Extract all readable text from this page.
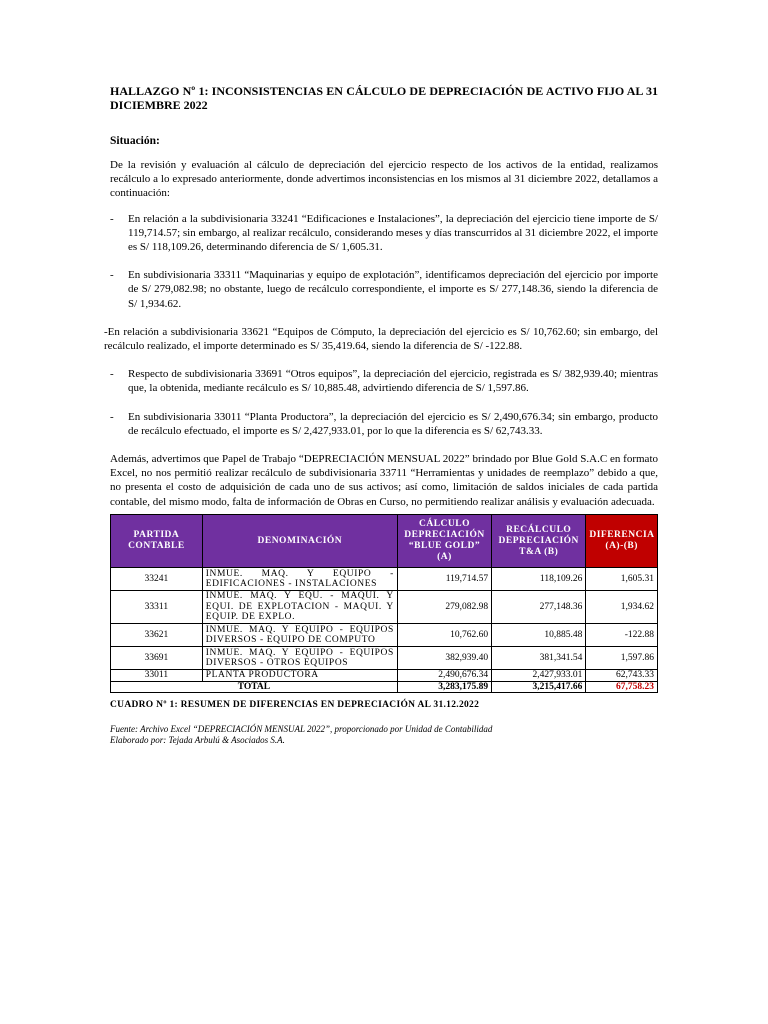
HALLAZGO Nº 1: INCONSISTENCIAS EN CÁLCULO DE DEPRECIACIÓN DE ACTIVO FIJO AL 31 DICIEMBRE 2022

Situación:

De la revisión y evaluación al cálculo de depreciación del ejercicio respecto de los activos de la entidad, realizamos recálculo a lo expresado anteriormente, donde advertimos inconsistencias en los mismos al 31 diciembre 2022, detallamos a continuación:

- En relación a la subdivisionaria 33241 “Edificaciones e Instalaciones”, la depreciación del ejercicio tiene importe de S/ 119,714.57; sin embargo, al realizar recálculo, considerando meses y días transcurridos al 31 diciembre 2022, el importe es S/ 118,109.26, determinando diferencia de S/ 1,605.31.
- En subdivisionaria 33311 “Maquinarias y equipo de explotación”, identificamos depreciación del ejercicio por importe de S/ 279,082.98; no obstante, luego de recálculo correspondiente, el importe es S/ 277,148.36, siendo la diferencia de S/ 1,934.62.
-En relación a subdivisionaria 33621 “Equipos de Cómputo, la depreciación del ejercicio es S/ 10,762.60; sin embargo, del recálculo realizado, el importe determinado es S/ 35,419.64, siendo la diferencia de S/ -122.88.
- Respecto de subdivisionaria 33691 “Otros equipos”, la depreciación del ejercicio, registrada es S/ 382,939.40; mientras que, la obtenida, mediante recálculo es S/ 10,885.48, advirtiendo diferencia de S/ 1,597.86.
- En subdivisionaria 33011 “Planta Productora”, la depreciación del ejercicio es S/ 2,490,676.34; sin embargo, producto de recálculo efectuado, el importe es S/ 2,427,933.01, por lo que la diferencia es S/ 62,743.33.

Además, advertimos que Papel de Trabajo “DEPRECIACIÓN MENSUAL 2022” brindado por Blue Gold S.A.C en formato Excel, no nos permitió realizar recálculo de subdivisionaria 33711 “Herramientas y unidades de reemplazo” debido a que, no presenta el costo de adquisición de cada uno de sus activos; así como, limitación de saldos iniciales de cada partida contable, del mismo modo, falta de información de Obras en Curso, no permitiendo realizar análisis y evaluación adecuada.

PARTIDA CONTABLE	DENOMINACIÓN	CÁLCULO DEPRECIACIÓN “BLUE GOLD” (A)	RECÁLCULO DEPRECIACIÓN T&A (B)	DIFERENCIA (A)-(B)
33241	INMUE. MAQ. Y EQUIPO - EDIFICACIONES - INSTALACIONES	119,714.57	118,109.26	1,605.31
33311	INMUE. MAQ. Y EQU. - MAQUI. Y EQUI. DE EXPLOTACION - MAQUI. Y EQUIP. DE EXPLO.	279,082.98	277,148.36	1,934.62
33621	INMUE. MAQ. Y EQUIPO - EQUIPOS DIVERSOS - EQUIPO DE COMPUTO	10,762.60	10,885.48	-122.88
33691	INMUE. MAQ. Y EQUIPO - EQUIPOS DIVERSOS - OTROS EQUIPOS	382,939.40	381,341.54	1,597.86
33011	PLANTA PRODUCTORA	2,490,676.34	2,427,933.01	62,743.33
TOTAL		3,283,175.89	3,215,417.66	67,758.23
CUADRO Nº 1: RESUMEN DE DIFERENCIAS EN DEPRECIACIÓN AL 31.12.2022
Fuente: Archivo Excel “DEPRECIACIÓN MENSUAL 2022”, proporcionado por Unidad de Contabilidad
Elaborado por: Tejada Arbulú & Asociados S.A.
